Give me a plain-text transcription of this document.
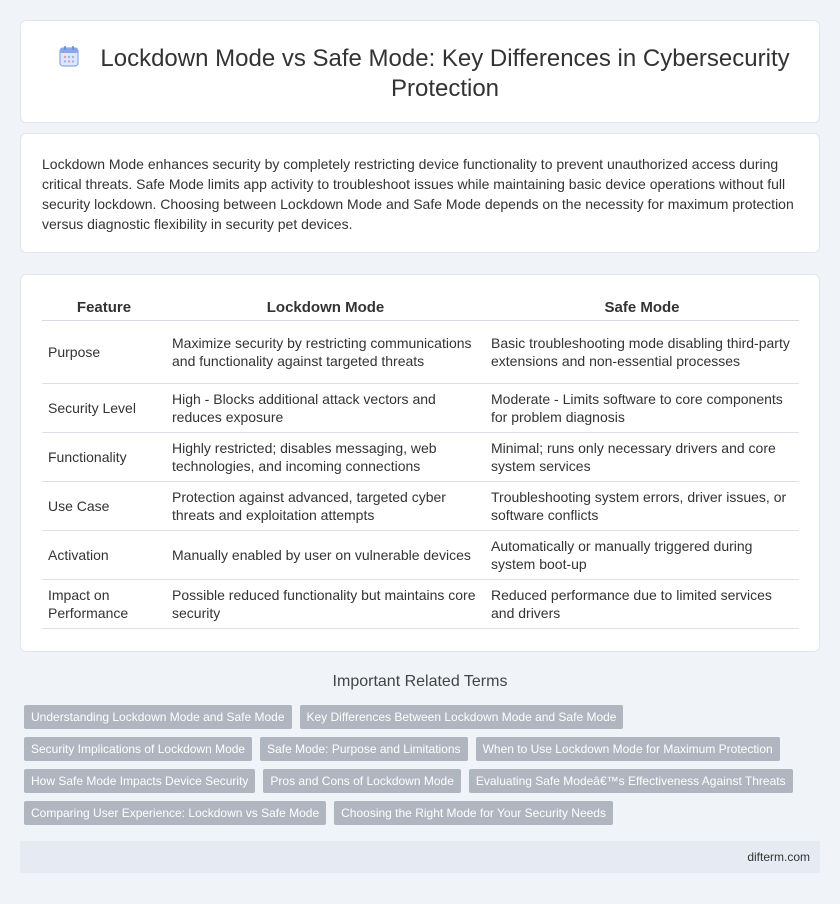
Lockdown Mode vs Safe Mode: Key Differences in Cybersecurity Protection

Lockdown Mode enhances security by completely restricting device functionality to prevent unauthorized access during critical threats. Safe Mode limits app activity to troubleshoot issues while maintaining basic device operations without full security lockdown. Choosing between Lockdown Mode and Safe Mode depends on the necessity for maximum protection versus diagnostic flexibility in security pet devices.

Feature	Lockdown Mode	Safe Mode
Purpose	Maximize security by restricting communications and functionality against targeted threats	Basic troubleshooting mode disabling third-party extensions and non-essential processes
Security Level	High - Blocks additional attack vectors and reduces exposure	Moderate - Limits software to core components for problem diagnosis
Functionality	Highly restricted; disables messaging, web technologies, and incoming connections	Minimal; runs only necessary drivers and core system services
Use Case	Protection against advanced, targeted cyber threats and exploitation attempts	Troubleshooting system errors, driver issues, or software conflicts
Activation	Manually enabled by user on vulnerable devices	Automatically or manually triggered during system boot-up
Impact on Performance	Possible reduced functionality but maintains core security	Reduced performance due to limited services and drivers
Important Related Terms
Understanding Lockdown Mode and Safe Mode	Key Differences Between Lockdown Mode and Safe Mode
Security Implications of Lockdown Mode	Safe Mode: Purpose and Limitations	When to Use Lockdown Mode for Maximum Protection
How Safe Mode Impacts Device Security	Pros and Cons of Lockdown Mode	Evaluating Safe Modeâ€™s Effectiveness Against Threats
Comparing User Experience: Lockdown vs Safe Mode	Choosing the Right Mode for Your Security Needs
difterm.com
